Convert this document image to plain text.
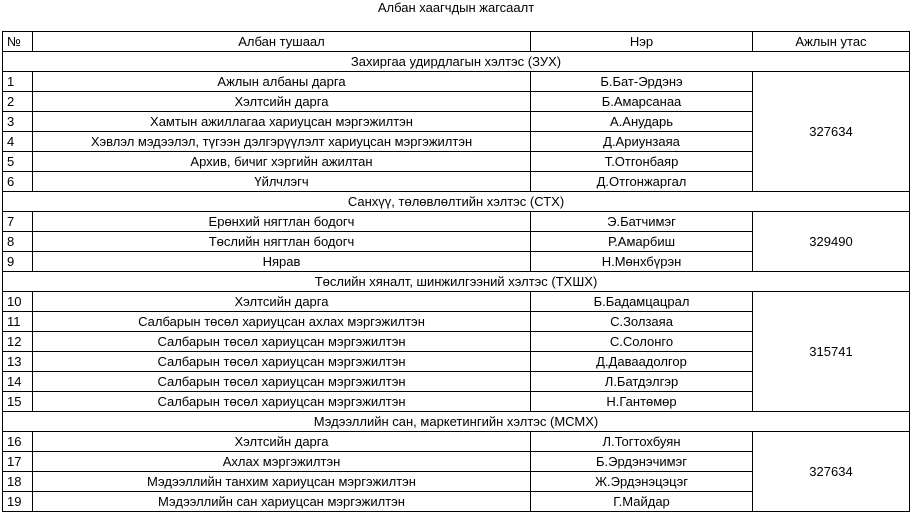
Албан хаагчдын жагсаалт
№	Албан тушаал	Нэр	Ажлын утас
Захиргаа удирдлагын хэлтэс (ЗУХ)			
1	Ажлын албаны дарга	Б.Бат-Эрдэнэ	327634
2	Хэлтсийн дарга	Б.Амарсанаа	
3	Хамтын ажиллагаа хариуцсан мэргэжилтэн	А.Анударь	
4	Хэвлэл мэдээлэл, түгээн дэлгэрүүлэлт хариуцсан мэргэжилтэн	Д.Ариунзаяа	
5	Архив, бичиг хэргийн ажилтан	Т.Отгонбаяр	
6	Үйлчлэгч	Д.Отгонжаргал	
Санхүү, төлөвлөлтийн хэлтэс (СТХ)			
7	Ерөнхий нягтлан бодогч	Э.Батчимэг	329490
8	Төслийн нягтлан бодогч	Р.Амарбиш	
9	Нярав	Н.Мөнхбүрэн	
Төслийн хяналт, шинжилгээний хэлтэс (ТХШХ)			
10	Хэлтсийн дарга	Б.Бадамцацрал	315741
11	Салбарын төсөл хариуцсан ахлах мэргэжилтэн	С.Золзаяа	
12	Салбарын төсөл хариуцсан мэргэжилтэн	С.Солонго	
13	Салбарын төсөл хариуцсан мэргэжилтэн	Д.Даваадолгор	
14	Салбарын төсөл хариуцсан мэргэжилтэн	Л.Батдэлгэр	
15	Салбарын төсөл хариуцсан мэргэжилтэн	Н.Гантөмөр	
Мэдээллийн сан, маркетингийн хэлтэс (МСМХ)			
16	Хэлтсийн дарга	Л.Тогтохбуян	327634
17	Ахлах мэргэжилтэн	Б.Эрдэнэчимэг	
18	Мэдээллийн танхим хариуцсан мэргэжилтэн	Ж.Эрдэнэцэцэг	
19	Мэдээллийн сан хариуцсан мэргэжилтэн	Г.Майдар	
